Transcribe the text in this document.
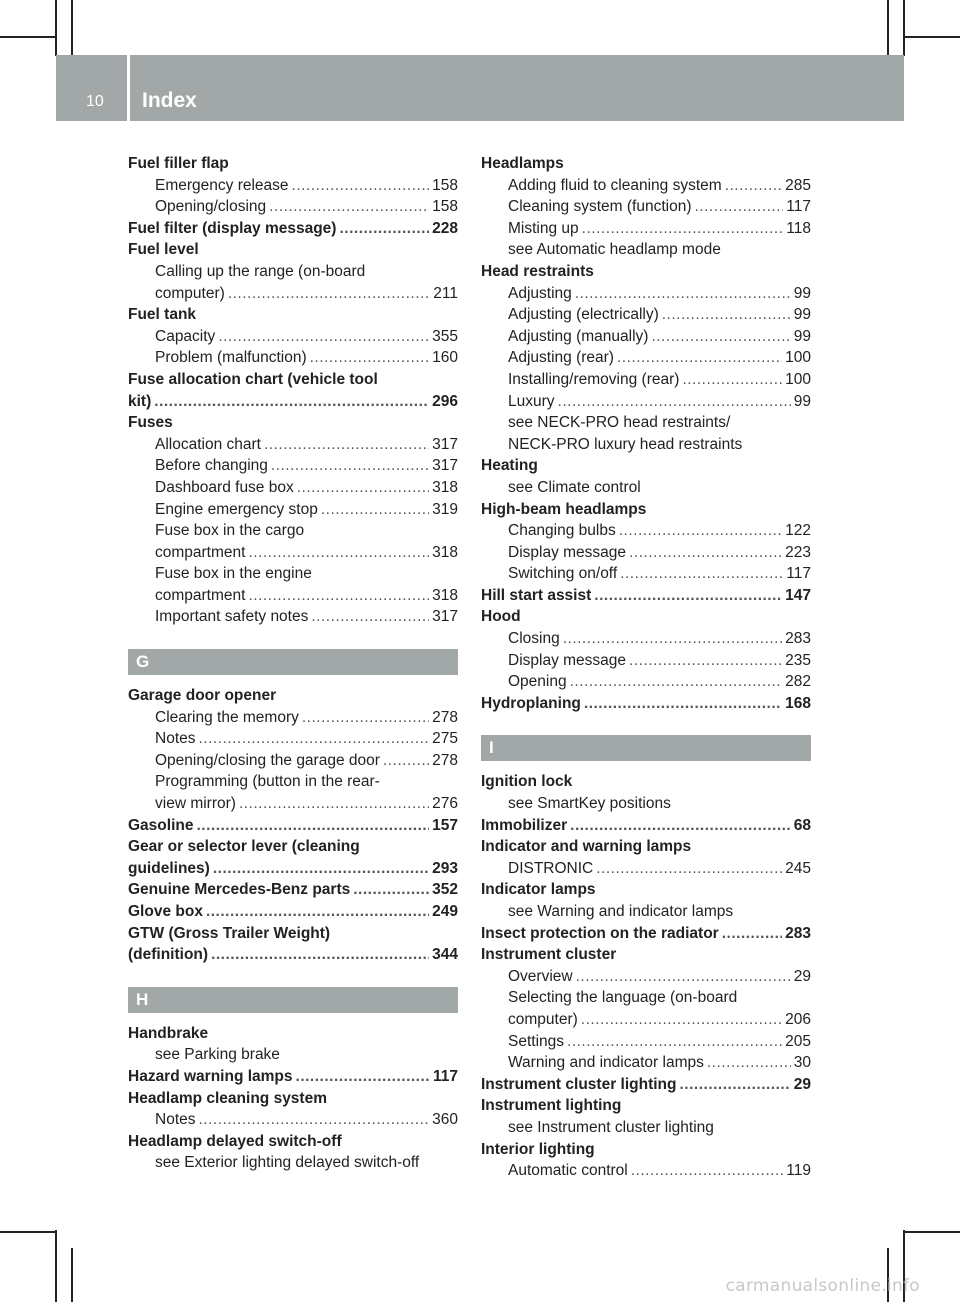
10 Index
Fuel filler flap
Emergency release .....	158
Opening/closing .....	158
Fuel filter (display message) .....	228
Fuel level
Calling up the range (on-board
computer) .....	211
Fuel tank
Capacity .....	355
Problem (malfunction) .....	160
Fuse allocation chart (vehicle tool
kit) .....	296
Fuses
Allocation chart .....	317
Before changing .....	317
Dashboard fuse box .....	318
Engine emergency stop .....	319
Fuse box in the cargo
compartment .....	318
Fuse box in the engine
compartment .....	318
Important safety notes .....	317
G
Garage door opener
Clearing the memory .....	278
Notes .....	275
Opening/closing the garage door .....	278
Programming (button in the rear-
view mirror) .....	276
Gasoline .....	157
Gear or selector lever (cleaning
guidelines) .....	293
Genuine Mercedes-Benz parts .....	352
Glove box .....	249
GTW (Gross Trailer Weight)
(definition) .....	344
H
Handbrake
see Parking brake
Hazard warning lamps .....	117
Headlamp cleaning system
Notes .....	360
Headlamp delayed switch-off
see Exterior lighting delayed switch-off
Headlamps
Adding fluid to cleaning system .....	285
Cleaning system (function) .....	117
Misting up .....	118
see Automatic headlamp mode
Head restraints
Adjusting .....	99
Adjusting (electrically) .....	99
Adjusting (manually) .....	99
Adjusting (rear) .....	100
Installing/removing (rear) .....	100
Luxury .....	99
see NECK-PRO head restraints/
NECK-PRO luxury head restraints
Heating
see Climate control
High-beam headlamps
Changing bulbs .....	122
Display message .....	223
Switching on/off .....	117
Hill start assist .....	147
Hood
Closing .....	283
Display message .....	235
Opening .....	282
Hydroplaning .....	168
I
Ignition lock
see SmartKey positions
Immobilizer .....	68
Indicator and warning lamps
DISTRONIC .....	245
Indicator lamps
see Warning and indicator lamps
Insect protection on the radiator .....	283
Instrument cluster
Overview .....	29
Selecting the language (on-board
computer) .....	206
Settings .....	205
Warning and indicator lamps .....	30
Instrument cluster lighting .....	29
Instrument lighting
see Instrument cluster lighting
Interior lighting
Automatic control .....	119
carmanualsonline.info
